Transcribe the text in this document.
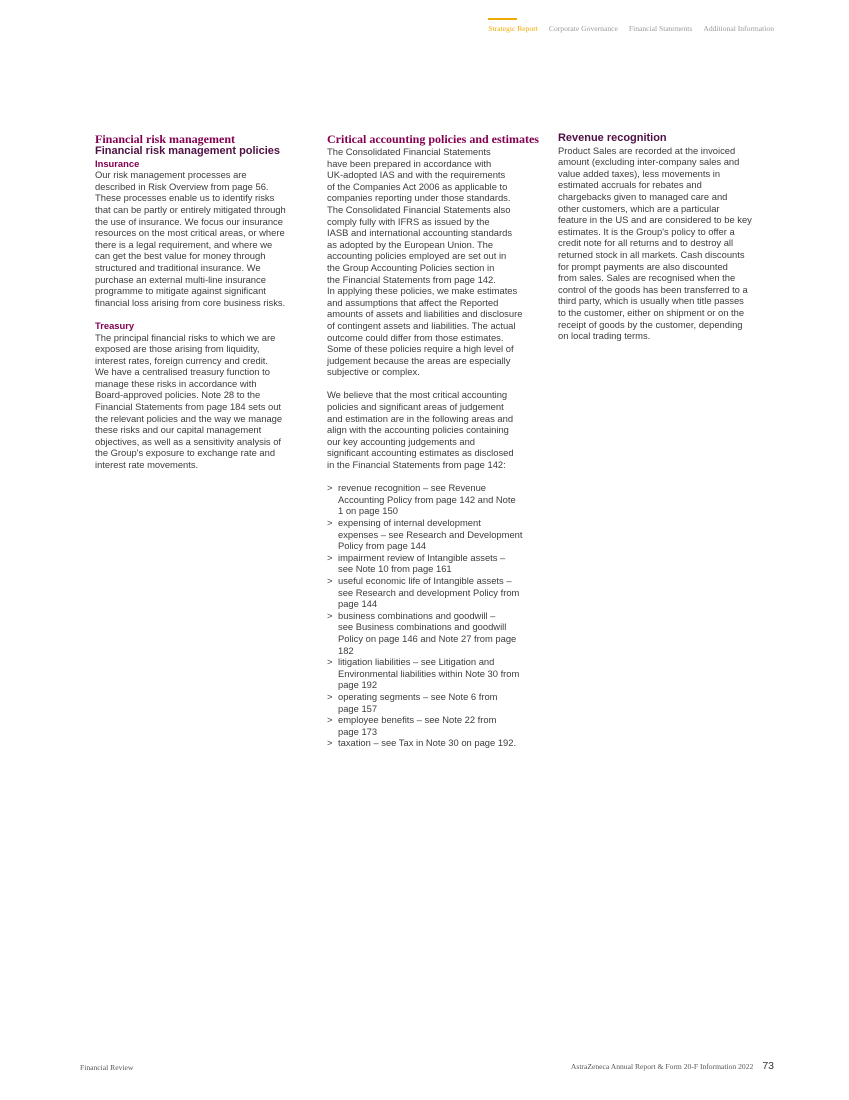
Strategic Report Corporate Governance Financial Statements Additional Information
Financial risk management
Financial risk management policies
Insurance

Our risk management processes are
described in Risk Overview from page 56.
These processes enable us to identify risks
that can be partly or entirely mitigated through
the use of insurance. We focus our insurance
resources on the most critical areas, or where
there is a legal requirement, and where we
can get the best value for money through
structured and traditional insurance. We
purchase an external multi-line insurance
programme to mitigate against significant
financial loss arising from core business risks.

Treasury

The principal financial risks to which we are
exposed are those arising from liquidity,
interest rates, foreign currency and credit.
We have a centralised treasury function to
manage these risks in accordance with
Board-approved policies. Note 28 to the
Financial Statements from page 184 sets out
the relevant policies and the way we manage
these risks and our capital management
objectives, as well as a sensitivity analysis of
the Group's exposure to exchange rate and
interest rate movements.

Critical accounting policies and estimates

The Consolidated Financial Statements
have been prepared in accordance with
UK-adopted IAS and with the requirements
of the Companies Act 2006 as applicable to
companies reporting under those standards.
The Consolidated Financial Statements also
comply fully with IFRS as issued by the
IASB and international accounting standards
as adopted by the European Union. The
accounting policies employed are set out in
the Group Accounting Policies section in
the Financial Statements from page 142.
In applying these policies, we make estimates
and assumptions that affect the Reported
amounts of assets and liabilities and disclosure
of contingent assets and liabilities. The actual
outcome could differ from those estimates.
Some of these policies require a high level of
judgement because the areas are especially
subjective or complex.

We believe that the most critical accounting
policies and significant areas of judgement
and estimation are in the following areas and
align with the accounting policies containing
our key accounting judgements and
significant accounting estimates as disclosed
in the Financial Statements from page 142:

> revenue recognition – see Revenue
Accounting Policy from page 142 and Note
1 on page 150
> expensing of internal development
expenses – see Research and Development
Policy from page 144
> impairment review of Intangible assets –
see Note 10 from page 161
> useful economic life of Intangible assets –
see Research and development Policy from
page 144
> business combinations and goodwill –
see Business combinations and goodwill
Policy on page 146 and Note 27 from page
182
> litigation liabilities – see Litigation and
Environmental liabilities within Note 30 from
page 192
> operating segments – see Note 6 from
page 157
> employee benefits – see Note 22 from
page 173
> taxation – see Tax in Note 30 on page 192.
Revenue recognition

Product Sales are recorded at the invoiced
amount (excluding inter-company sales and
value added taxes), less movements in
estimated accruals for rebates and
chargebacks given to managed care and
other customers, which are a particular
feature in the US and are considered to be key
estimates. It is the Group's policy to offer a
credit note for all returns and to destroy all
returned stock in all markets. Cash discounts
for prompt payments are also discounted
from sales. Sales are recognised when the
control of the goods has been transferred to a
third party, which is usually when title passes
to the customer, either on shipment or on the
receipt of goods by the customer, depending
on local trading terms.

Financial Review	AstraZeneca Annual Report & Form 20-F Information 2022 73
